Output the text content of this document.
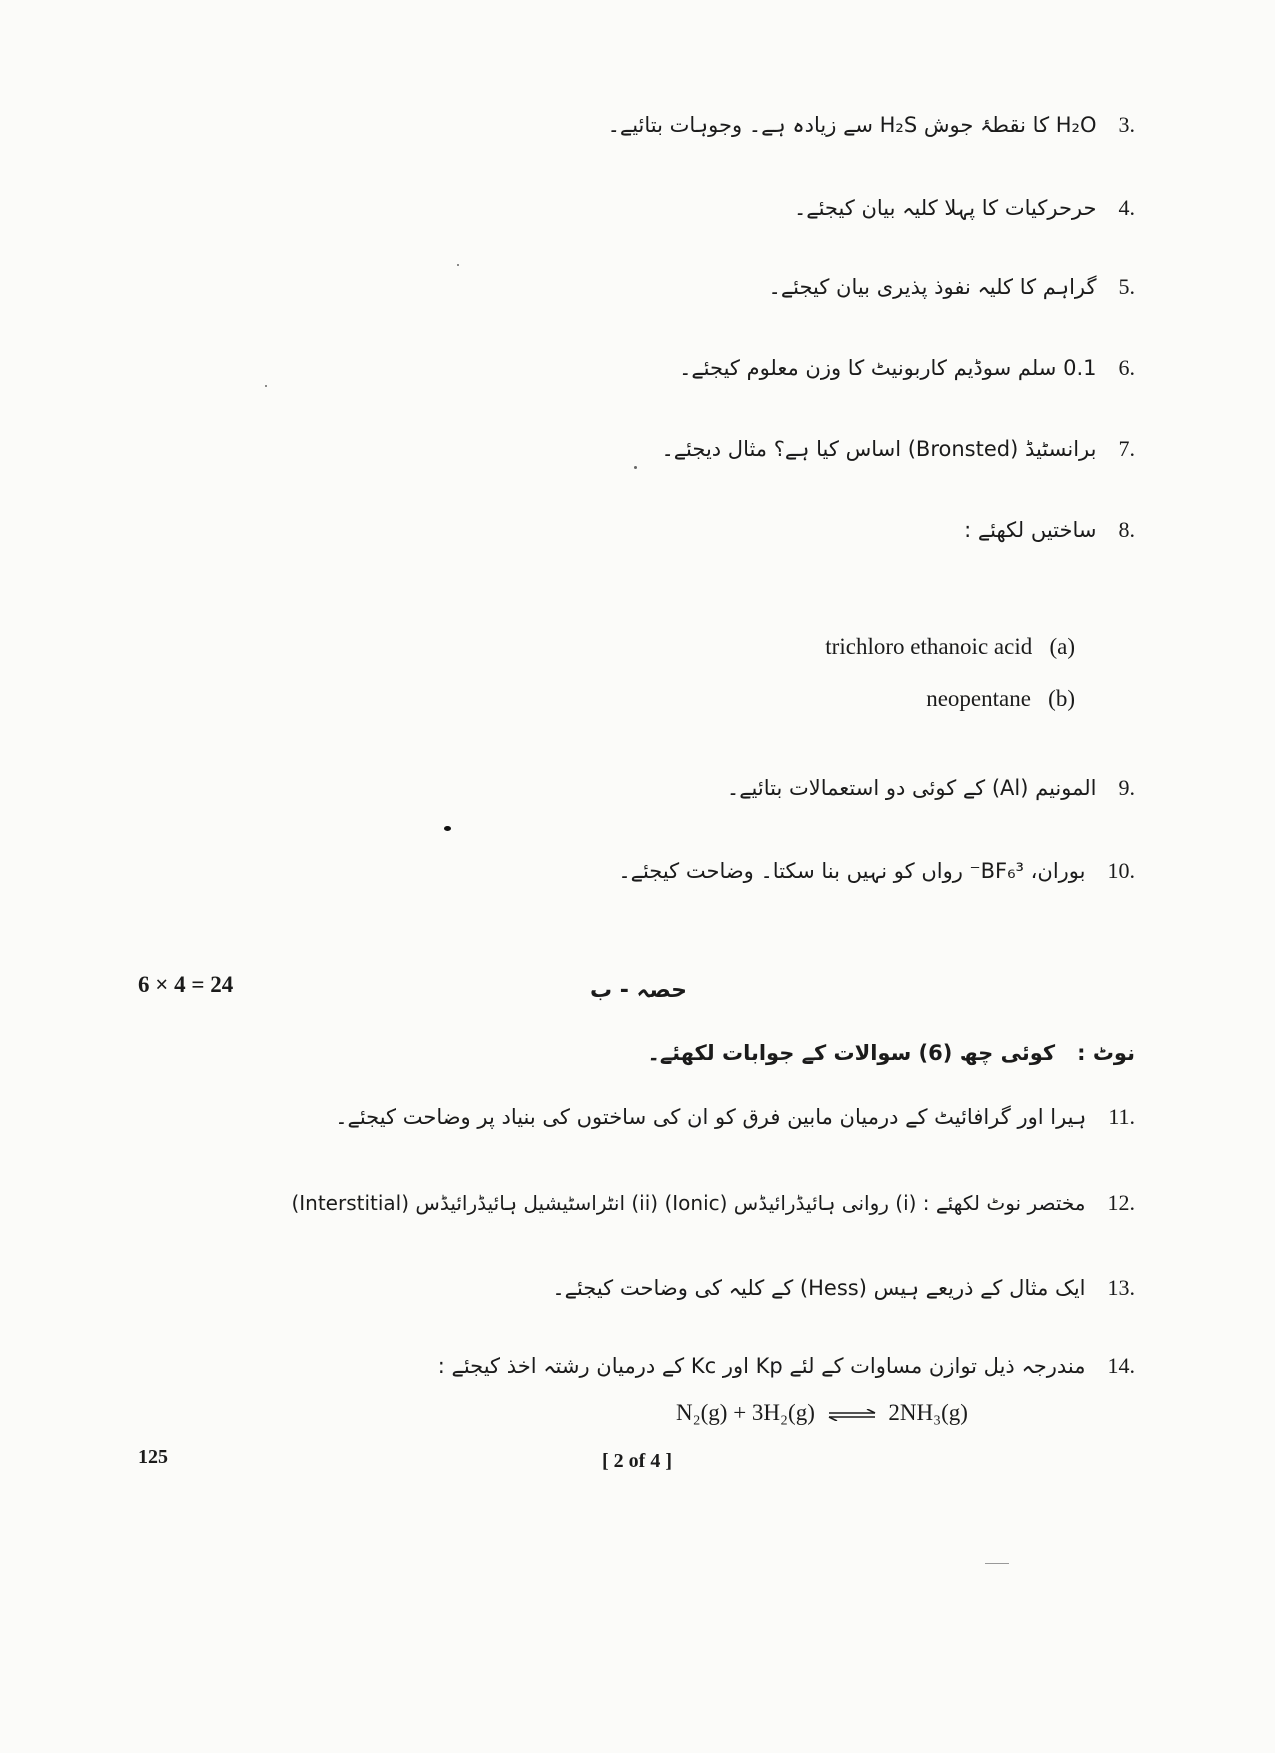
.3H₂O کا نقطۂ جوش H₂S سے زیادہ ہے۔ وجوہات بتائیے۔
.4حرحرکیات کا پہلا کلیہ بیان کیجئے۔
.5گراہم کا کلیہ نفوذ پذیری بیان کیجئے۔
.60.1 سلم سوڈیم کاربونیٹ کا وزن معلوم کیجئے۔
.7برانسٹیڈ (Bronsted) اساس کیا ہے؟ مثال دیجئے۔
.8ساختیں لکھئے :
trichloro ethanoic acid (a)
neopentane (b)
.9المونیم (Al) کے کوئی دو استعمالات بتائیے۔
.10بوران، BF₆³⁻ رواں کو نہیں بنا سکتا۔ وضاحت کیجئے۔
6 × 4 = 24	حصہ - ب
نوٹ :کوئی چھ (6) سوالات کے جوابات لکھئے۔
.11ہیرا اور گرافائیٹ کے درمیان مابین فرق کو ان کی ساختوں کی بنیاد پر وضاحت کیجئے۔
.12مختصر نوٹ لکھئے : (i) روانی ہائیڈرائیڈس (Ionic) (ii) انٹراسٹیشیل ہائیڈرائیڈس (Interstitial)
.13ایک مثال کے ذریعے ہیس (Hess) کے کلیہ کی وضاحت کیجئے۔
.14مندرجہ ذیل توازن مساوات کے لئے Kp اور Kc کے درمیان رشتہ اخذ کیجئے :
N₂(g) + 3H₂(g) ⇌ 2NH₃(g)
125	[ 2 of 4 ]
